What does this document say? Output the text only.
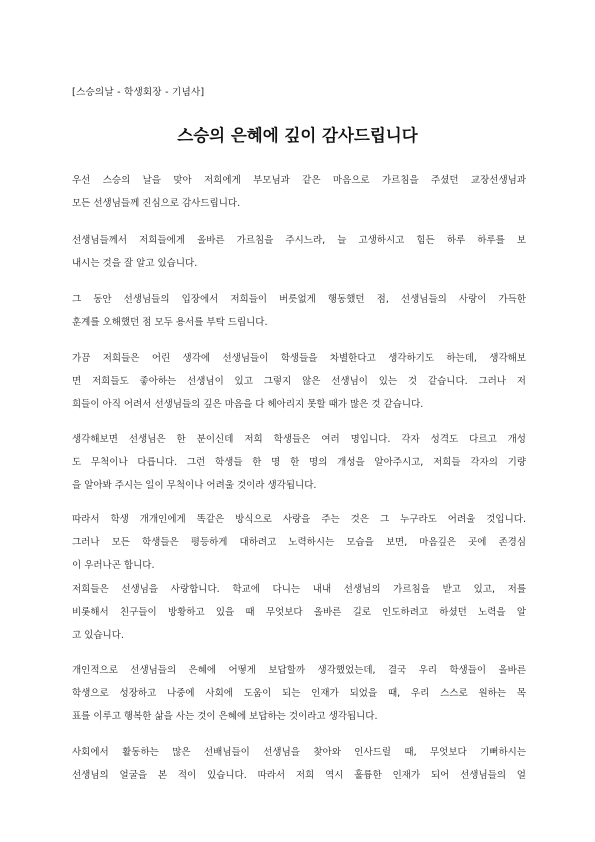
[스승의날 - 학생회장 - 기념사]
스승의 은혜에 깊이 감사드립니다
우선 스승의 날을 맞아 저희에게 부모님과 같은 마음으로 가르침을 주셨던 교장선생님과
모든 선생님들께 진심으로 감사드립니다.
선생님들께서 저희들에게 올바른 가르침을 주시느라, 늘 고생하시고 힘든 하루 하루를 보
내시는 것을 잘 알고 있습니다.
그 동안 선생님들의 입장에서 저희들이 버릇없게 행동했던 점, 선생님들의 사랑이 가득한
훈계를 오해했던 점 모두 용서를 부탁 드립니다.
가끔 저희들은 어린 생각에 선생님들이 학생들을 차별한다고 생각하기도 하는데, 생각해보
면 저희들도 좋아하는 선생님이 있고 그렇지 않은 선생님이 있는 것 같습니다. 그러나 저
희들이 아직 어려서 선생님들의 깊은 마음을 다 헤아리지 못할 때가 많은 것 같습니다.
생각해보면 선생님은 한 분이신데 저희 학생들은 여러 명입니다. 각자 성격도 다르고 개성
도 무척이나 다릅니다. 그런 학생들 한 명 한 명의 개성을 알아주시고, 저희들 각자의 기량
을 알아봐 주시는 일이 무척이나 어려울 것이라 생각됩니다.
따라서 학생 개개인에게 똑같은 방식으로 사랑을 주는 것은 그 누구라도 어려울 것입니다.
그러나 모든 학생들은 평등하게 대하려고 노력하시는 모습을 보면, 마음깊은 곳에 존경심
이 우러나곤 합니다.
저희들은 선생님을 사랑합니다. 학교에 다니는 내내 선생님의 가르침을 받고 있고, 저를
비롯해서 친구들이 방황하고 있을 때 무엇보다 올바른 길로 인도하려고 하셨던 노력을 알
고 있습니다.
개인적으로 선생님들의 은혜에 어떻게 보답할까 생각했었는데, 결국 우리 학생들이 올바른
학생으로 성장하고 나중에 사회에 도움이 되는 인재가 되었을 때, 우리 스스로 원하는 목
표를 이루고 행복한 삶을 사는 것이 은혜에 보답하는 것이라고 생각됩니다.
사회에서 활동하는 많은 선배님들이 선생님을 찾아와 인사드릴 때, 무엇보다 기뻐하시는
선생님의 얼굴을 본 적이 있습니다. 따라서 저희 역시 훌륭한 인재가 되어 선생님들의 얼
